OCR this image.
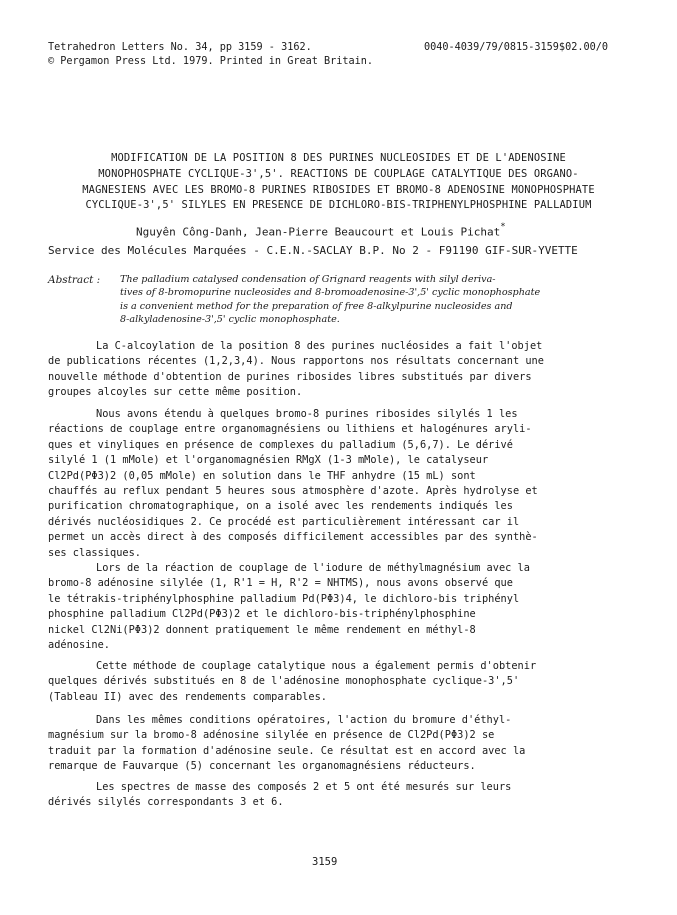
Tetrahedron Letters No. 34, pp 3159 - 3162.
© Pergamon Press Ltd. 1979. Printed in Great Britain.
0040-4039/79/0815-3159$02.00/0
MODIFICATION DE LA POSITION 8 DES PURINES NUCLEOSIDES ET DE L'ADENOSINE
MONOPHOSPHATE CYCLIQUE-3',5'. REACTIONS DE COUPLAGE CATALYTIQUE DES ORGANO-
MAGNESIENS AVEC LES BROMO-8 PURINES RIBOSIDES ET BROMO-8 ADENOSINE MONOPHOSPHATE
CYCLIQUE-3',5' SILYLES EN PRESENCE DE DICHLORO-BIS-TRIPHENYLPHOSPHINE PALLADIUM
Nguyên Công-Danh, Jean-Pierre Beaucourt et Louis Pichat*
Service des Molécules Marquées - C.E.N.-SACLAY B.P. No 2 - F91190 GIF-SUR-YVETTE
Abstract : The palladium catalysed condensation of Grignard reagents with silyl deriva-
tives of 8-bromopurine nucleosides and 8-bromoadenosine-3',5' cyclic monophosphate
is a convenient method for the preparation of free 8-alkylpurine nucleosides and
8-alkyladenosine-3',5' cyclic monophosphate.
La C-alcoylation de la position 8 des purines nucléosides a fait l'objet
de publications récentes (1,2,3,4). Nous rapportons nos résultats concernant une
nouvelle méthode d'obtention de purines ribosides libres substitués par divers
groupes alcoyles sur cette même position.
Nous avons étendu à quelques bromo-8 purines ribosides silylés 1 les
réactions de couplage entre organomagnésiens ou lithiens et halogénures aryli-
ques et vinyliques en présence de complexes du palladium (5,6,7). Le dérivé
silylé 1 (1 mMole) et l'organomagnésien RMgX (1-3 mMole), le catalyseur
Cl2Pd(PΦ3)2 (0,05 mMole) en solution dans le THF anhydre (15 mL) sont
chauffés au reflux pendant 5 heures sous atmosphère d'azote. Après hydrolyse et
purification chromatographique, on a isolé avec les rendements indiqués les
dérivés nucléosidiques 2. Ce procédé est particulièrement intéressant car il
permet un accès direct à des composés difficilement accessibles par des synthè-
ses classiques.
Lors de la réaction de couplage de l'iodure de méthylmagnésium avec la
bromo-8 adénosine silylée (1, R'1 = H, R'2 = NHTMS), nous avons observé que
le tétrakis-triphénylphosphine palladium Pd(PΦ3)4, le dichloro-bis triphényl
phosphine palladium Cl2Pd(PΦ3)2 et le dichloro-bis-triphénylphosphine
nickel Cl2Ni(PΦ3)2 donnent pratiquement le même rendement en méthyl-8
adénosine.
Cette méthode de couplage catalytique nous a également permis d'obtenir
quelques dérivés substitués en 8 de l'adénosine monophosphate cyclique-3',5'
(Tableau II) avec des rendements comparables.
Dans les mêmes conditions opératoires, l'action du bromure d'éthyl-
magnésium sur la bromo-8 adénosine silylée en présence de Cl2Pd(PΦ3)2 se
traduit par la formation d'adénosine seule. Ce résultat est en accord avec la
remarque de Fauvarque (5) concernant les organomagnésiens réducteurs.
Les spectres de masse des composés 2 et 5 ont été mesurés sur leurs
dérivés silylés correspondants 3 et 6.
3159
